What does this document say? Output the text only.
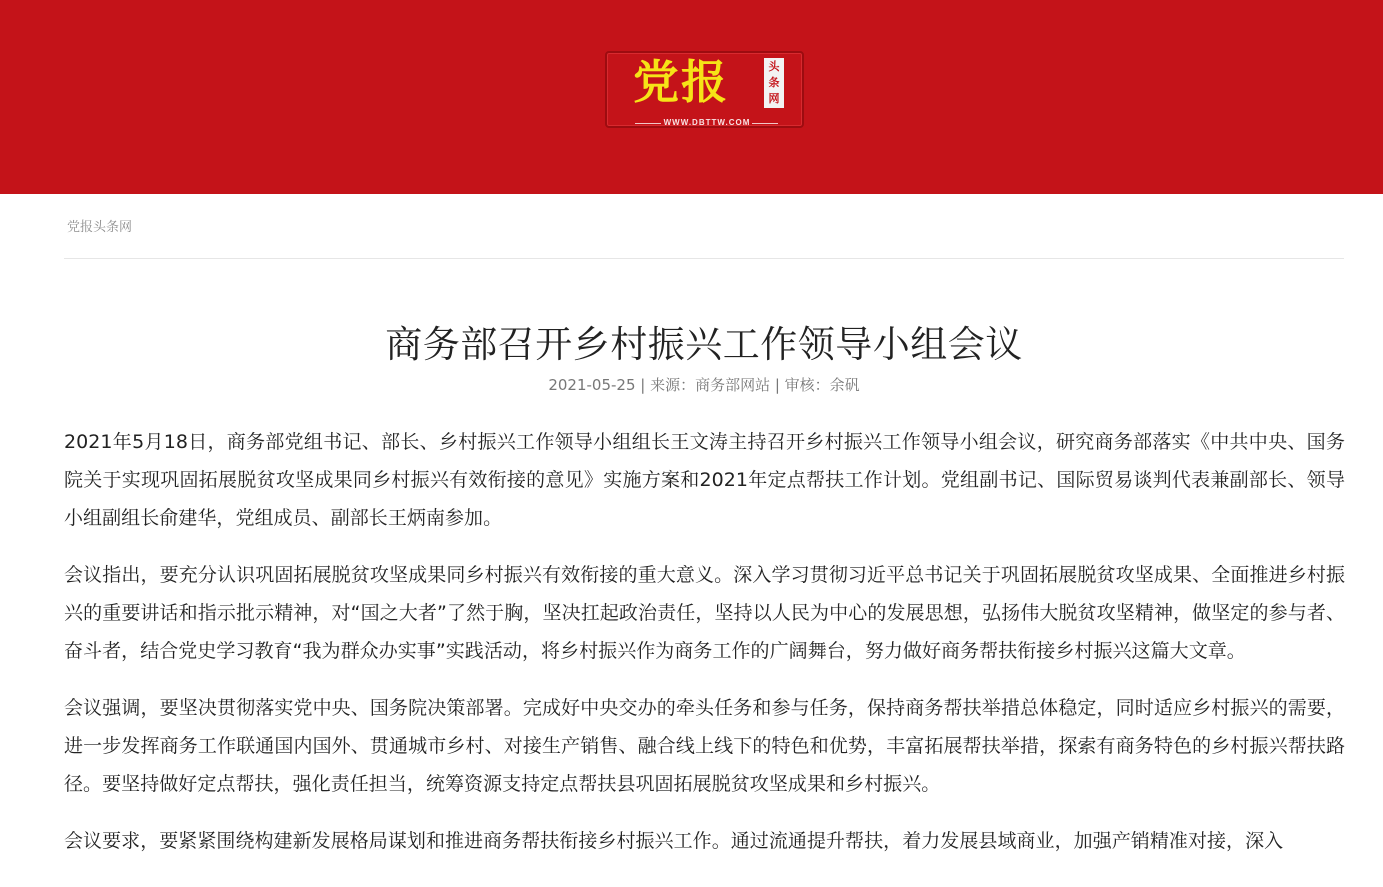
党报	头
条
网
WWW.DBTTW.COM
党报头条网
商务部召开乡村振兴工作领导小组会议
2021-05-25 | 来源：商务部网站 | 审核：余矾

2021年5月18日，商务部党组书记、部长、乡村振兴工作领导小组组长王文涛主持召开乡村振兴工作领导小组会议，研究商务部落实《中共中央、国务院关于实现巩固拓展脱贫攻坚成果同乡村振兴有效衔接的意见》实施方案和2021年定点帮扶工作计划。党组副书记、国际贸易谈判代表兼副部长、领导小组副组长俞建华，党组成员、副部长王炳南参加。

会议指出，要充分认识巩固拓展脱贫攻坚成果同乡村振兴有效衔接的重大意义。深入学习贯彻习近平总书记关于巩固拓展脱贫攻坚成果、全面推进乡村振兴的重要讲话和指示批示精神，对“国之大者”了然于胸，坚决扛起政治责任，坚持以人民为中心的发展思想，弘扬伟大脱贫攻坚精神，做坚定的参与者、奋斗者，结合党史学习教育“我为群众办实事”实践活动，将乡村振兴作为商务工作的广阔舞台，努力做好商务帮扶衔接乡村振兴这篇大文章。

会议强调，要坚决贯彻落实党中央、国务院决策部署。完成好中央交办的牵头任务和参与任务，保持商务帮扶举措总体稳定，同时适应乡村振兴的需要，进一步发挥商务工作联通国内国外、贯通城市乡村、对接生产销售、融合线上线下的特色和优势，丰富拓展帮扶举措，探索有商务特色的乡村振兴帮扶路径。要坚持做好定点帮扶，强化责任担当，统筹资源支持定点帮扶县巩固拓展脱贫攻坚成果和乡村振兴。

会议要求，要紧紧围绕构建新发展格局谋划和推进商务帮扶衔接乡村振兴工作。通过流通提升帮扶，着力发展县域商业，加强产销精准对接，深入
